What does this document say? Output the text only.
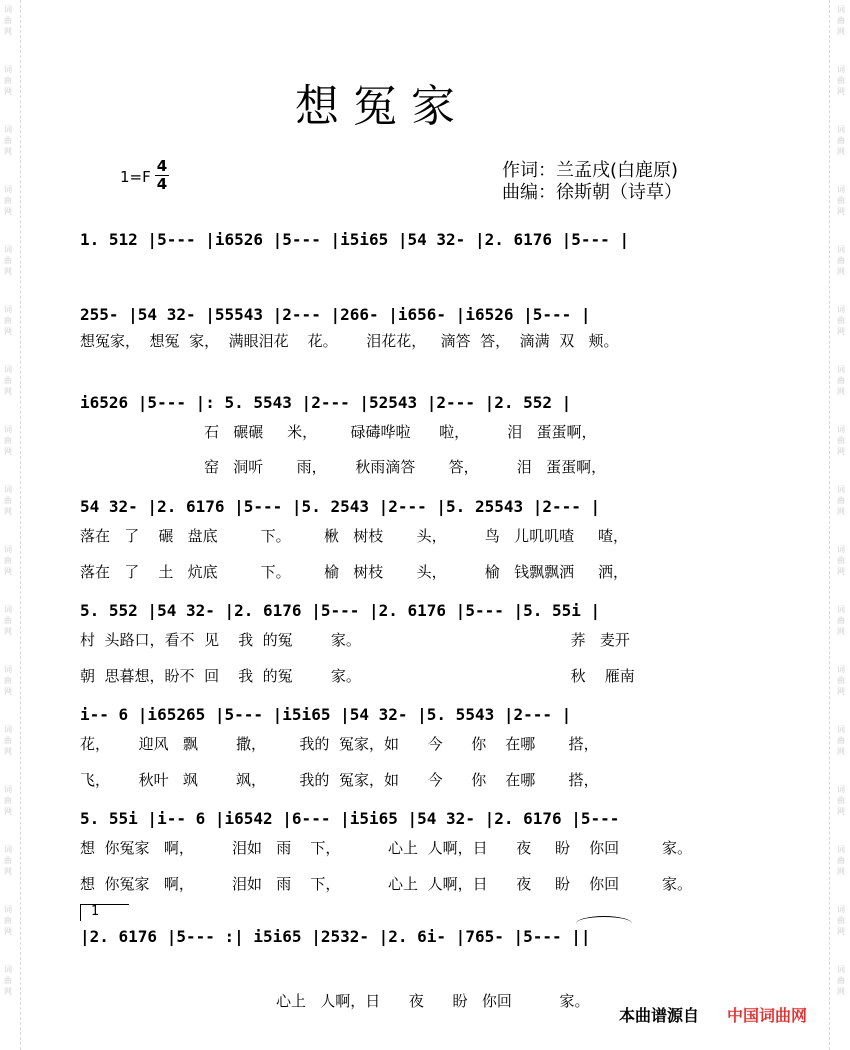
词
曲
网
词
曲
网
词
曲
网
词
曲
网
词
曲
网
词
曲
网
词
曲
网
词
曲
网
词
曲
网
词
曲
网
词
曲
网
词
曲
网
词
曲
网
词
曲
网
词
曲
网
词
曲
网
词
曲
网
词
曲
网
词
曲
网
词
曲
网
词
曲
网
词
曲
网
词
曲
网
词
曲
网
词
曲
网
词
曲
网
词
曲
网
词
曲
网
词
曲
网
词
曲
网
词
曲
网
词
曲
网
词
曲
网
词
曲
网
想冤家
1=F
4
4
作词：兰孟戌(白鹿原)
曲编：徐斯朝（诗草）
1. 512 |5--- |i6526 |5--- |i5i65 |54 32- |2. 6176 |5--- |
255- |54 32- |55543 |2--- |266- |i656- |i6526 |5--- |
想冤家，  想冤  家，  满眼泪花    花。      泪花花，   滴答  答，  滴满  双   颊。
i6526 |5--- |: 5. 5543 |2--- |52543 |2--- |2. 552 |
石   碾碾     米，       碌碡哗啦      啦，        泪   蛋蛋啊，
窑   洞听       雨，      秋雨滴答       答，        泪   蛋蛋啊，
54 32- |2. 6176 |5--- |5. 2543 |2--- |5. 25543 |2--- |
落在   了    碾   盘底         下。       楸   树枝       头，        鸟   儿叽叽喳     喳，
落在   了    土   炕底         下。       榆   树枝       头，        榆   钱飘飘洒     洒，
5. 552 |54 32- |2. 6176 |5--- |2. 6176 |5--- |5. 55i |
村  头路口，看不  见    我  的冤        家。                                            荞   麦开
朝  思暮想，盼不  回    我  的冤        家。                                            秋    雁南
i-- 6 |i65265 |5--- |i5i65 |54 32- |5. 5543 |2--- |
花，      迎风   飘        撒，       我的  冤家，如      今      你    在哪       搭，
飞，      秋叶   飒        飒，       我的  冤家，如      今      你    在哪       搭，
5. 55i |i-- 6 |i6542 |6--- |i5i65 |54 32- |2. 6176 |5---
想  你冤家   啊，        泪如   雨    下，          心上  人啊，日      夜     盼    你回         家。
想  你冤家   啊，        泪如   雨    下，          心上  人啊，日      夜     盼    你回         家。
1
|2. 6176 |5--- :| i5i65 |2532- |2. 6i- |765- |5--- ||
心上   人啊，日      夜      盼   你回          家。
本曲谱源自 中国词曲网
